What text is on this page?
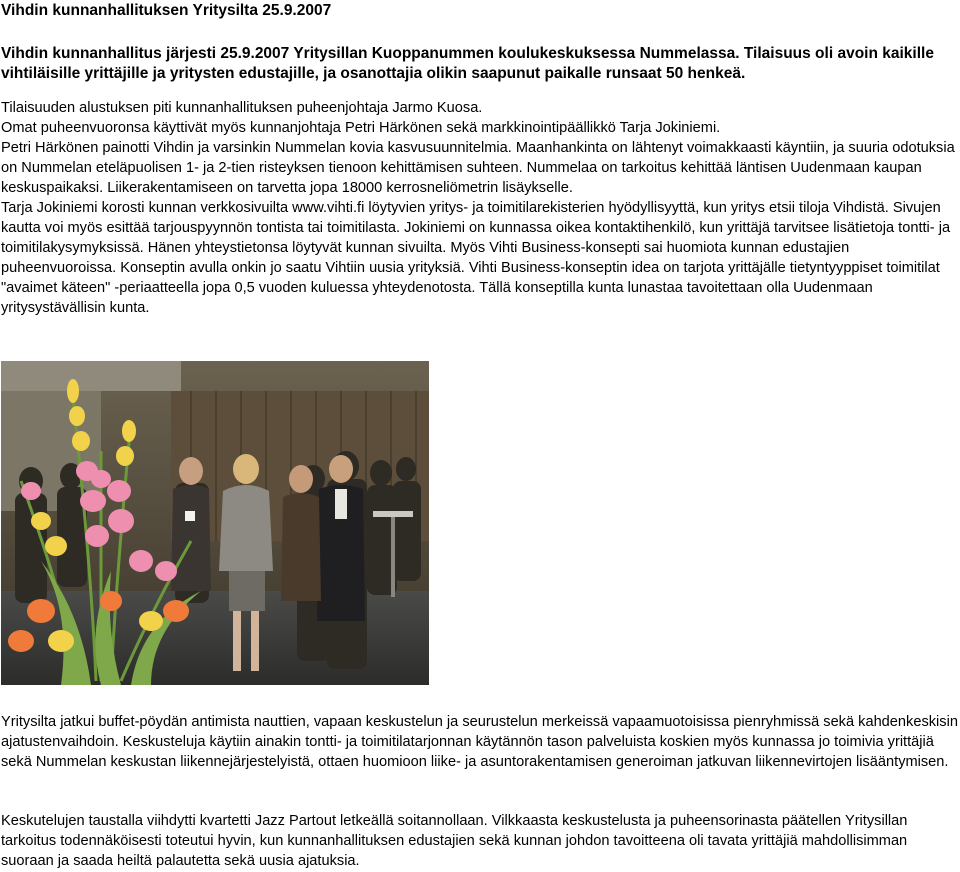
Vihdin kunnanhallituksen Yritysilta 25.9.2007

Vihdin kunnanhallitus järjesti 25.9.2007 Yritysillan Kuoppanummen koulukeskuksessa Nummelassa. Tilaisuus oli avoin kaikille vihtiläisille yrittäjille ja yritysten edustajille, ja osanottajia olikin saapunut paikalle runsaat 50 henkeä.

Tilaisuuden alustuksen piti kunnanhallituksen puheenjohtaja Jarmo Kuosa.

Omat puheenvuoronsa käyttivät myös kunnanjohtaja Petri Härkönen sekä markkinointipäällikkö Tarja Jokiniemi.

Petri Härkönen painotti Vihdin ja varsinkin Nummelan kovia kasvusuunnitelmia. Maanhankinta on lähtenyt voimakkaasti käyntiin, ja suuria odotuksia on Nummelan eteläpuolisen 1- ja 2-tien risteyksen tienoon kehittämisen suhteen. Nummelaa on tarkoitus kehittää läntisen Uudenmaan kaupan keskuspaikaksi. Liikerakentamiseen on tarvetta jopa 18000 kerrosneliömetrin lisäykselle.

Tarja Jokiniemi korosti kunnan verkkosivuilta www.vihti.fi löytyvien yritys- ja toimitilarekisterien hyödyllisyyttä, kun yritys etsii tiloja Vihdistä. Sivujen kautta voi myös esittää tarjouspyynnön tontista tai toimitilasta. Jokiniemi on kunnassa oikea kontaktihenkilö, kun yrittäjä tarvitsee lisätietoja tontti- ja toimitilakysymyksissä. Hänen yhteystietonsa löytyvät kunnan sivuilta. Myös Vihti Business-konsepti sai huomiota kunnan edustajien puheenvuoroissa. Konseptin avulla onkin jo saatu Vihtiin uusia yrityksiä. Vihti Business-konseptin idea on tarjota yrittäjälle tietyntyyppiset toimitilat "avaimet käteen" -periaatteella jopa 0,5 vuoden kuluessa yhteydenotosta. Tällä konseptilla kunta lunastaa tavoitettaan olla Uudenmaan yritysystävällisin kunta.

Yritysilta jatkui buffet-pöydän antimista nauttien, vapaan keskustelun ja seurustelun merkeissä vapaamuotoisissa pienryhmissä sekä kahdenkeskisin ajatustenvaihdoin. Keskusteluja käytiin ainakin tontti- ja toimitilatarjonnan käytännön tason palveluista koskien myös kunnassa jo toimivia yrittäjiä sekä Nummelan keskustan liikennejärjestelyistä, ottaen huomioon liike- ja asuntorakentamisen generoiman jatkuvan liikennevirtojen lisääntymisen.

Keskutelujen taustalla viihdytti kvartetti Jazz Partout letkeällä soitannollaan. Vilkkaasta keskustelusta ja puheensorinasta päätellen Yritysillan tarkoitus todennäköisesti toteutui hyvin, kun kunnanhallituksen edustajien sekä kunnan johdon tavoitteena oli tavata yrittäjiä mahdollisimman suoraan ja saada heiltä palautetta sekä uusia ajatuksia.
